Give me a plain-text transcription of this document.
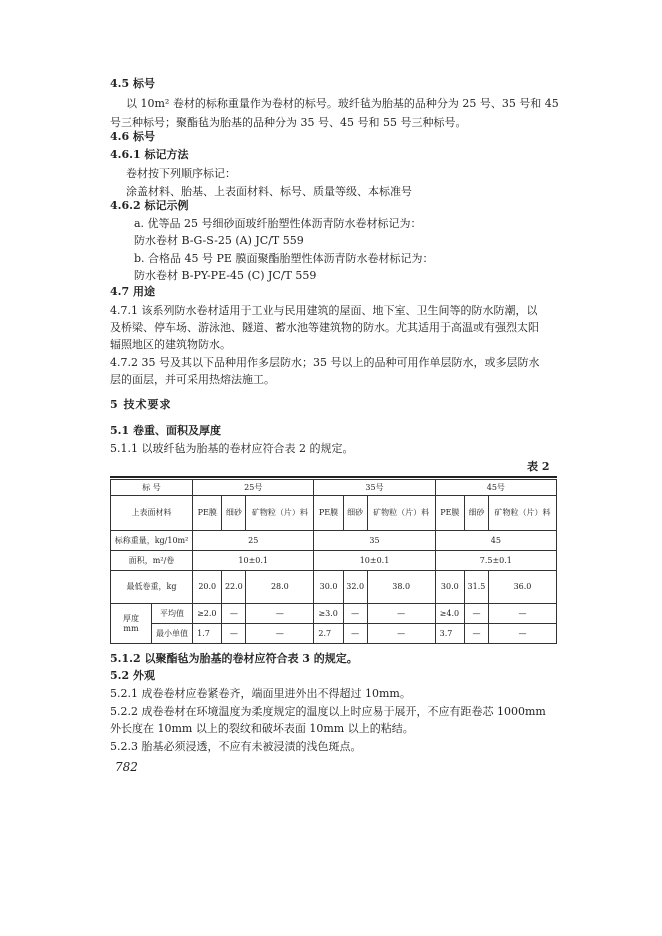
4.5 标号
以 10m² 卷材的标称重量作为卷材的标号。玻纤毡为胎基的品种分为 25 号、35 号和 45
号三种标号；聚酯毡为胎基的品种分为 35 号、45 号和 55 号三种标号。
4.6 标号
4.6.1 标记方法
卷材按下列顺序标记：
涂盖材料、胎基、上表面材料、标号、质量等级、本标准号
4.6.2 标记示例
a. 优等品 25 号细砂面玻纤胎塑性体沥青防水卷材标记为：
防水卷材 B-G-S-25 (A) JC/T 559
b. 合格品 45 号 PE 膜面聚酯胎塑性体沥青防水卷材标记为：
防水卷材 B-PY-PE-45 (C) JC/T 559
4.7 用途
4.7.1 该系列防水卷材适用于工业与民用建筑的屋面、地下室、卫生间等的防水防潮，以
及桥梁、停车场、游泳池、隧道、蓄水池等建筑物的防水。尤其适用于高温或有强烈太阳
辐照地区的建筑物防水。
4.7.2 35 号及其以下品种用作多层防水；35 号以上的品种可用作单层防水，或多层防水
层的面层，并可采用热熔法施工。
5 技术要求
5.1 卷重、面积及厚度
5.1.1 以玻纤毡为胎基的卷材应符合表 2 的规定。
表 2
标 号		25号			35号			45号		
上表面材料		PE膜	细砂	矿物粒（片）料	PE膜	细砂	矿物粒（片）料	PE膜	细砂	矿物粒（片）料
标称重量，kg/10m²		25			35			45		
面积，m²/卷		10±0.1			10±0.1			7.5±0.1		
最低卷重，kg		20.0	22.0	28.0	30.0	32.0	38.0	30.0	31.5	36.0

厚度
mm	平均值	≥2.0	—	—	≥3.0	—	—	≥4.0	—	—
	最小单值	1.7	—	—	2.7	—	—	3.7	—	—
5.1.2 以聚酯毡为胎基的卷材应符合表 3 的规定。
5.2 外观
5.2.1 成卷卷材应卷紧卷齐，端面里进外出不得超过 10mm。
5.2.2 成卷卷材在环境温度为柔度规定的温度以上时应易于展开，不应有距卷芯 1000mm
外长度在 10mm 以上的裂纹和破坏表面 10mm 以上的粘结。
5.2.3 胎基必须浸透，不应有未被浸渍的浅色斑点。
782
